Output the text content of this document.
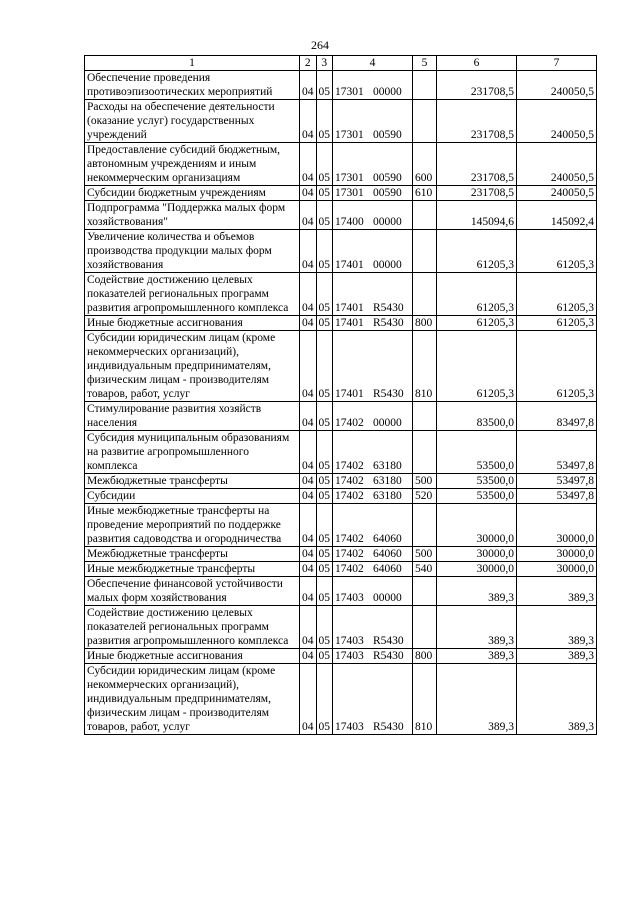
264
1	2	3	4	5	6	7
Обеспечение проведения противоэпизоотических мероприятий	04	05	17301 00000		231708,5	240050,5
Расходы на обеспечение деятельности (оказание услуг) государственных учреждений	04	05	17301 00590		231708,5	240050,5
Предоставление субсидий бюджетным, автономным учреждениям и иным некоммерческим организациям	04	05	17301 00590	600	231708,5	240050,5
Субсидии бюджетным учреждениям	04	05	17301 00590	610	231708,5	240050,5
Подпрограмма "Поддержка малых форм хозяйствования"	04	05	17400 00000		145094,6	145092,4
Увеличение количества и объемов производства продукции малых форм хозяйствования	04	05	17401 00000		61205,3	61205,3
Содействие достижению целевых показателей региональных программ развития агропромышленного комплекса	04	05	17401 R5430		61205,3	61205,3
Иные бюджетные ассигнования	04	05	17401 R5430	800	61205,3	61205,3
Субсидии юридическим лицам (кроме некоммерческих организаций), индивидуальным предпринимателям, физическим лицам - производителям товаров, работ, услуг	04	05	17401 R5430	810	61205,3	61205,3
Стимулирование развития хозяйств населения	04	05	17402 00000		83500,0	83497,8
Субсидия муниципальным образованиям на развитие агропромышленного комплекса	04	05	17402 63180		53500,0	53497,8
Межбюджетные трансферты	04	05	17402 63180	500	53500,0	53497,8
Субсидии	04	05	17402 63180	520	53500,0	53497,8
Иные межбюджетные трансферты на проведение мероприятий по поддержке развития садоводства и огородничества	04	05	17402 64060		30000,0	30000,0
Межбюджетные трансферты	04	05	17402 64060	500	30000,0	30000,0
Иные межбюджетные трансферты	04	05	17402 64060	540	30000,0	30000,0
Обеспечение финансовой устойчивости малых форм хозяйствования	04	05	17403 00000		389,3	389,3
Содействие достижению целевых показателей региональных программ развития агропромышленного комплекса	04	05	17403 R5430		389,3	389,3
Иные бюджетные ассигнования	04	05	17403 R5430	800	389,3	389,3
Субсидии юридическим лицам (кроме некоммерческих организаций), индивидуальным предпринимателям, физическим лицам - производителям товаров, работ, услуг	04	05	17403 R5430	810	389,3	389,3
